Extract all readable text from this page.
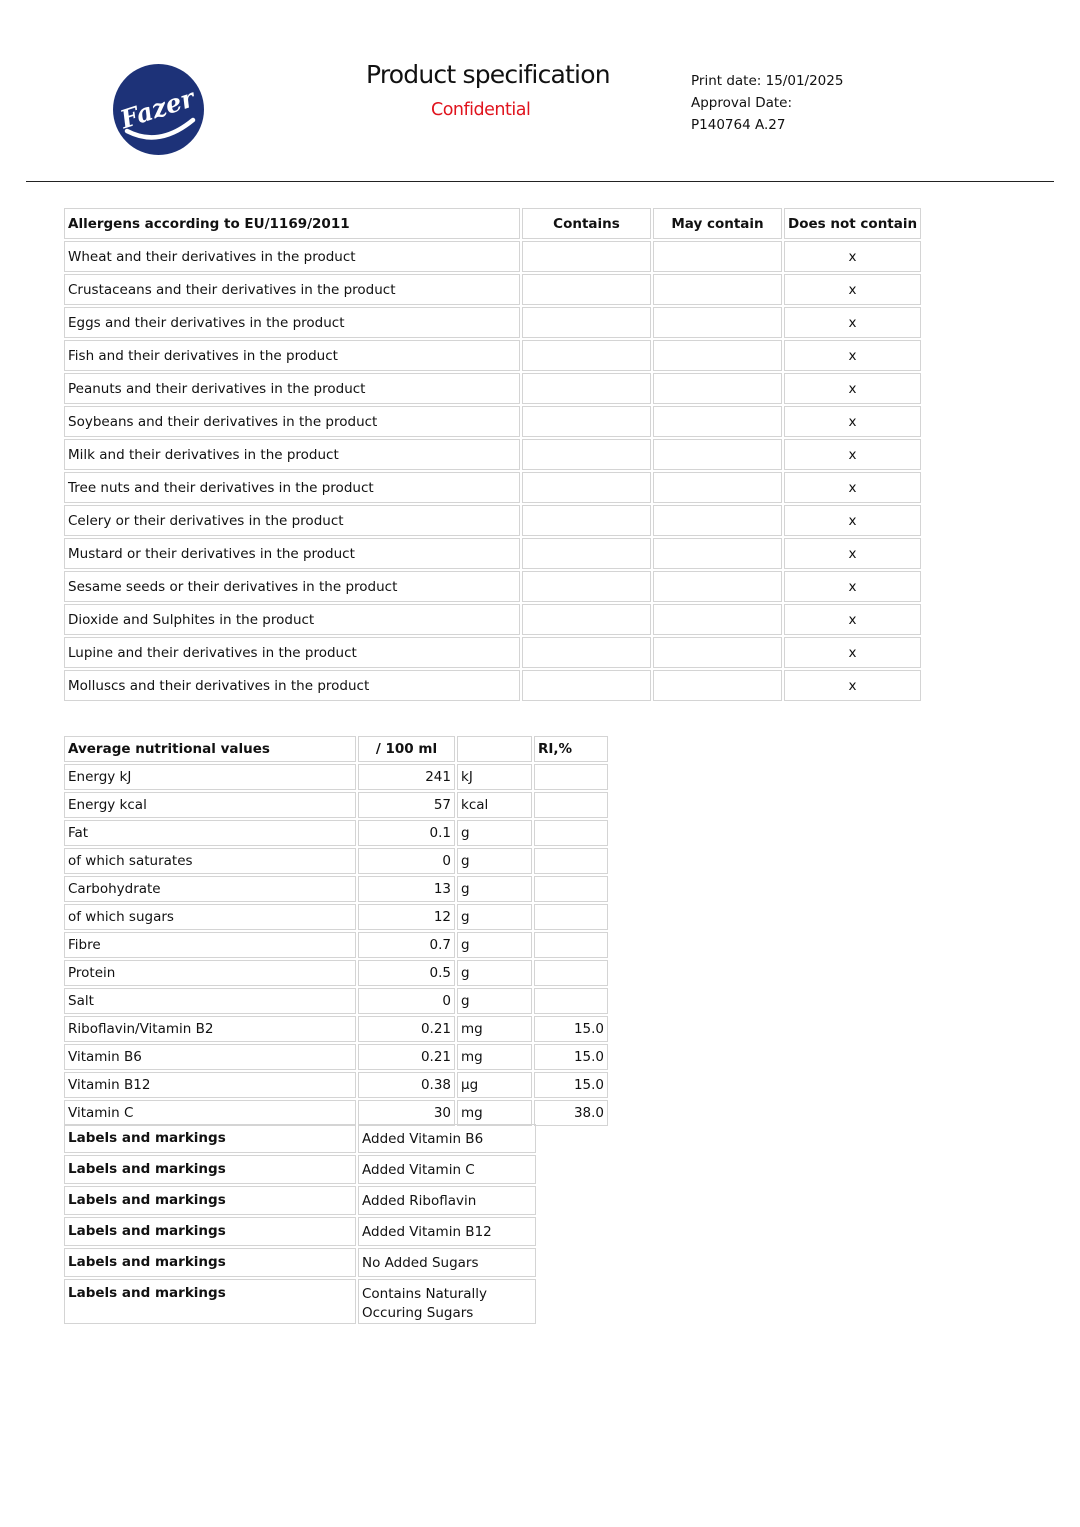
Fazer
Product specification
Confidential
Print date: 15/01/2025
Approval Date:
P140764 A.27
Allergens according to EU/1169/2011	Contains	May contain	Does not contain
Wheat and their derivatives in the product			x
Crustaceans and their derivatives in the product			x
Eggs and their derivatives in the product			x
Fish and their derivatives in the product			x
Peanuts and their derivatives in the product			x
Soybeans and their derivatives in the product			x
Milk and their derivatives in the product			x
Tree nuts and their derivatives in the product			x
Celery or their derivatives in the product			x
Mustard or their derivatives in the product			x
Sesame seeds or their derivatives in the product			x
Dioxide and Sulphites in the product			x
Lupine and their derivatives in the product			x
Molluscs and their derivatives in the product			x
Average nutritional values	/ 100 ml		RI,%
Energy kJ	241	kJ	
Energy kcal	57	kcal	
Fat	0.1	g	
of which saturates	0	g	
Carbohydrate	13	g	
of which sugars	12	g	
Fibre	0.7	g	
Protein	0.5	g	
Salt	0	g	
Riboflavin/Vitamin B2	0.21	mg	15.0
Vitamin B6	0.21	mg	15.0
Vitamin B12	0.38	µg	15.0
Vitamin C	30	mg	38.0
Labels and markings	Added Vitamin B6
Labels and markings	Added Vitamin C
Labels and markings	Added Riboflavin
Labels and markings	Added Vitamin B12
Labels and markings	No Added Sugars
Labels and markings	Contains Naturally Occuring Sugars
